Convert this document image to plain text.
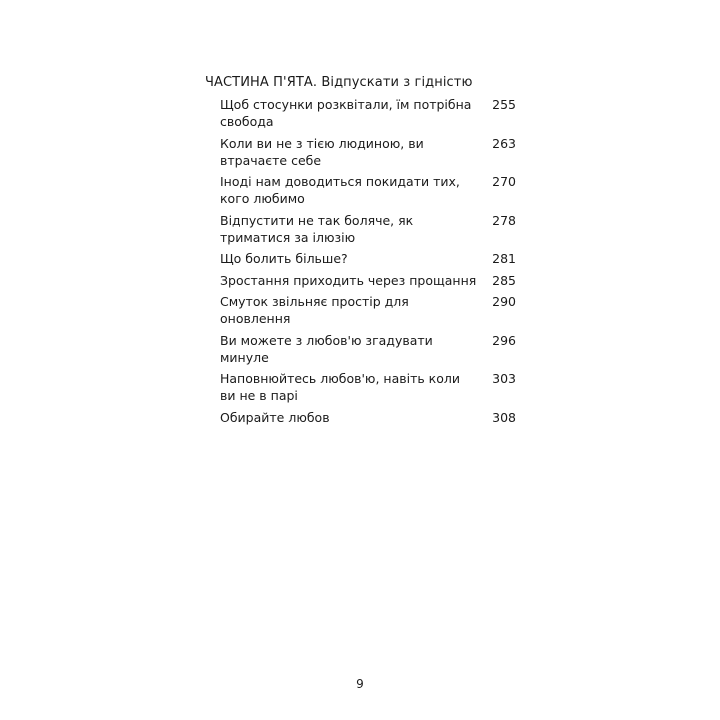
ЧАСТИНА П'ЯТА. Відпускати з гідністю
Щоб стосунки розквітали, їм потрібна свобода
255
Коли ви не з тією людиною, ви втрачаєте себе
263
Іноді нам доводиться покидати тих, кого любимо
270
Відпустити не так боляче, як триматися за ілюзію
278
Що болить більше?	281
Зростання приходить через прощання 285
Смуток звільняє простір для оновлення
290
Ви можете з любов'ю згадувати минуле
296
Наповнюйтесь любов'ю, навіть коли ви не в парі
303
Обирайте любов	308
9
